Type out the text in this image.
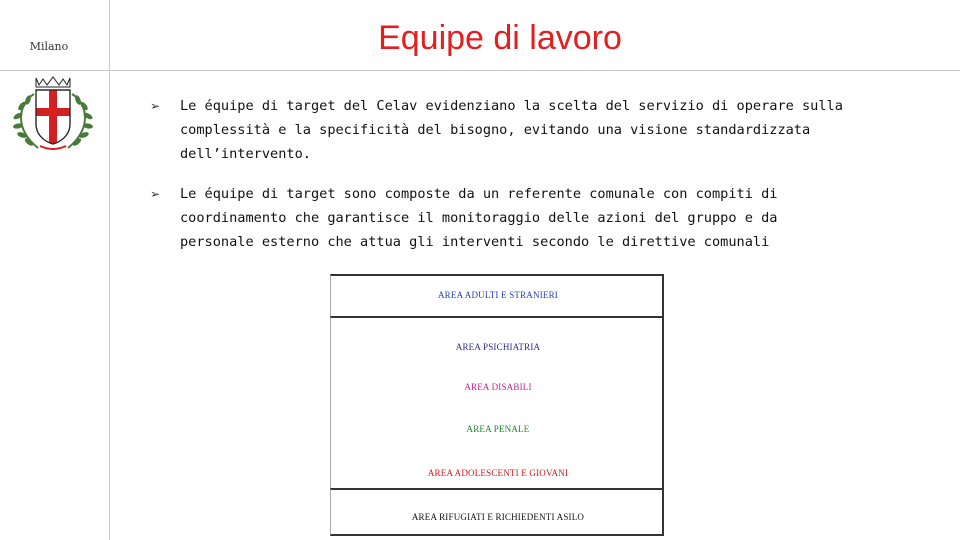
Milano	Equipe di lavoro
➢ Le équipe di target del Celav evidenziano la scelta del servizio di operare sulla complessità e la specificità del bisogno, evitando una visione standardizzata dell’intervento.
➢ Le équipe di target sono composte da un referente comunale con compiti di coordinamento che garantisce il monitoraggio delle azioni del gruppo e da personale esterno che attua gli interventi secondo le direttive comunali
AREA ADULTI E STRANIERI
AREA PSICHIATRIA
AREA DISABILI
AREA PENALE
AREA ADOLESCENTI E GIOVANI
AREA RIFUGIATI E RICHIEDENTI ASILO
